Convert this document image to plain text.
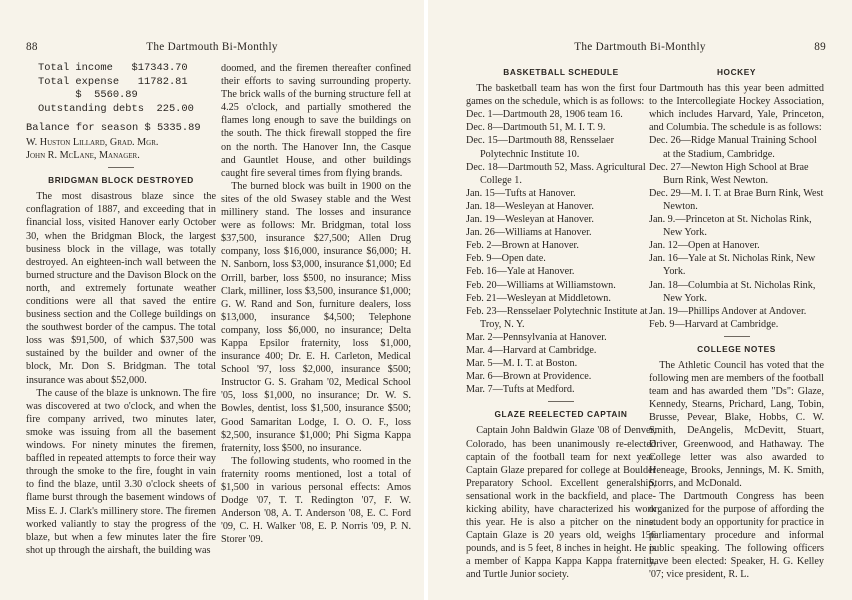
88	The Dartmouth Bi-Monthly
Total income   $17343.70
Total expense   11782.81
$  5560.89
Outstanding debts  225.00
Balance for season $ 5335.89

W. Huston Lillard, Grad. Mgr.

John R. McLane, Manager.

BRIDGMAN BLOCK DESTROYED

The most disastrous blaze since the conflagration of 1887, and exceeding that in financial loss, visited Hanover early October 30, when the Bridgman Block, the largest business block in the village, was totally destroyed. An eighteen-inch wall between the burned structure and the Davison Block on the north, and extremely fortunate weather conditions were all that saved the entire business section and the College buildings on the southwest border of the campus. The total loss was $91,500, of which $37,500 was sustained by the builder and owner of the block, Mr. Don S. Bridgman. The total insurance was about $52,000.

The cause of the blaze is unknown. The fire was discovered at two o'clock, and when the fire company arrived, two minutes later, smoke was issuing from all the basement windows. For ninety minutes the firemen, baffled in repeated attempts to force their way through the smoke to the fire, fought in vain to find the blaze, until 3.30 o'clock sheets of flame burst through the basement windows of Miss E. J. Clark's millinery store. The firemen worked valiantly to stay the progress of the blaze, but when a few minutes later the fire shot up through the airshaft, the building was

doomed, and the firemen thereafter confined their efforts to saving surrounding property. The brick walls of the burning structure fell at 4.25 o'clock, and partially smothered the flames long enough to save the buildings on the south. The thick firewall stopped the fire on the north. The Hanover Inn, the Casque and Gauntlet House, and other buildings caught fire several times from flying brands.

The burned block was built in 1900 on the sites of the old Swasey stable and the West millinery stand. The losses and insurance were as follows: Mr. Bridgman, total loss $37,500, insurance $27,500; Allen Drug company, loss $16,000, insurance $6,000; H. N. Sanborn, loss $3,000, insurance $1,000; Ed Orrill, barber, loss $500, no insurance; Miss Clark, milliner, loss $3,500, insurance $1,000; G. W. Rand and Son, furniture dealers, loss $13,000, insurance $4,500; Telephone company, loss $6,000, no insurance; Delta Kappa Epsilor fraternity, loss $1,000, insurance 400; Dr. E. H. Carleton, Medical School '97, loss $2,000, insurance $500; Instructor G. S. Graham '02, Medical School '05, loss $1,000, no insurance; Dr. W. S. Bowles, dentist, loss $1,500, insurance $500; Good Samaritan Lodge, I. O. O. F., loss $2,500, insurance $1,000; Phi Sigma Kappa fraternity, loss $500, no insurance.

The following students, who roomed in the fraternity rooms mentioned, lost a total of $1,500 in various personal effects: Amos Dodge '07, T. T. Redington '07, F. W. Anderson '08, A. T. Anderson '08, E. C. Ford '09, C. H. Walker '08, E. P. Norris '09, P. N. Storer '09.

The Dartmouth Bi-Monthly	89
BASKETBALL SCHEDULE

The basketball team has won the first four games on the schedule, which is as follows:

Dec. 1—Dartmouth 28, 1906 team 16.
Dec. 8—Dartmouth 51, M. I. T. 9.
Dec. 15—Dartmouth 88, Rensselaer Polytechnic Institute 10.
Dec. 18—Dartmouth 52, Mass. Agricultural College 1.
Jan. 15—Tufts at Hanover.
Jan. 18—Wesleyan at Hanover.
Jan. 19—Wesleyan at Hanover.
Jan. 26—Williams at Hanover.
Feb. 2—Brown at Hanover.
Feb. 9—Open date.
Feb. 16—Yale at Hanover.
Feb. 20—Williams at Williamstown.
Feb. 21—Wesleyan at Middletown.
Feb. 23—Rensselaer Polytechnic Institute at Troy, N. Y.
Mar. 2—Pennsylvania at Hanover.
Mar. 4—Harvard at Cambridge.
Mar. 5—M. I. T. at Boston.
Mar. 6—Brown at Providence.
Mar. 7—Tufts at Medford.
GLAZE REELECTED CAPTAIN

Captain John Baldwin Glaze '08 of Denver, Colorado, has been unanimously re-elected captain of the football team for next year. Captain Glaze prepared for college at Boulder Preparatory School. Excellent generalship, sensational work in the backfield, and place-kicking ability, have characterized his work this year. He is also a pitcher on the nine. Captain Glaze is 20 years old, weighs 156 pounds, and is 5 feet, 8 inches in height. He is a member of Kappa Kappa Kappa fraternity, and Turtle Junior society.

HOCKEY

Dartmouth has this year been admitted to the Intercollegiate Hockey Association, which includes Harvard, Yale, Princeton, and Columbia. The schedule is as follows:

Dec. 26—Ridge Manual Training School at the Stadium, Cambridge.
Dec. 27—Newton High School at Brae Burn Rink, West Newton.
Dec. 29—M. I. T. at Brae Burn Rink, West Newton.
Jan. 9.—Princeton at St. Nicholas Rink, New York.
Jan. 12—Open at Hanover.
Jan. 16—Yale at St. Nicholas Rink, New York.
Jan. 18—Columbia at St. Nicholas Rink, New York.
Jan. 19—Phillips Andover at Andover.
Feb. 9—Harvard at Cambridge.
COLLEGE NOTES

The Athletic Council has voted that the following men are members of the football team and has awarded them "Ds": Glaze, Kennedy, Stearns, Prichard, Lang, Tobin, Brusse, Pevear, Blake, Hobbs, C. W. Smith, DeAngelis, McDevitt, Stuart, Driver, Greenwood, and Hathaway. The College letter was also awarded to Heneage, Brooks, Jennings, M. K. Smith, Storrs, and McDonald.

The Dartmouth Congress has been organized for the purpose of affording the student body an opportunity for practice in parliamentary procedure and informal public speaking. The following officers have been elected: Speaker, H. G. Kelley '07; vice president, R. L.
